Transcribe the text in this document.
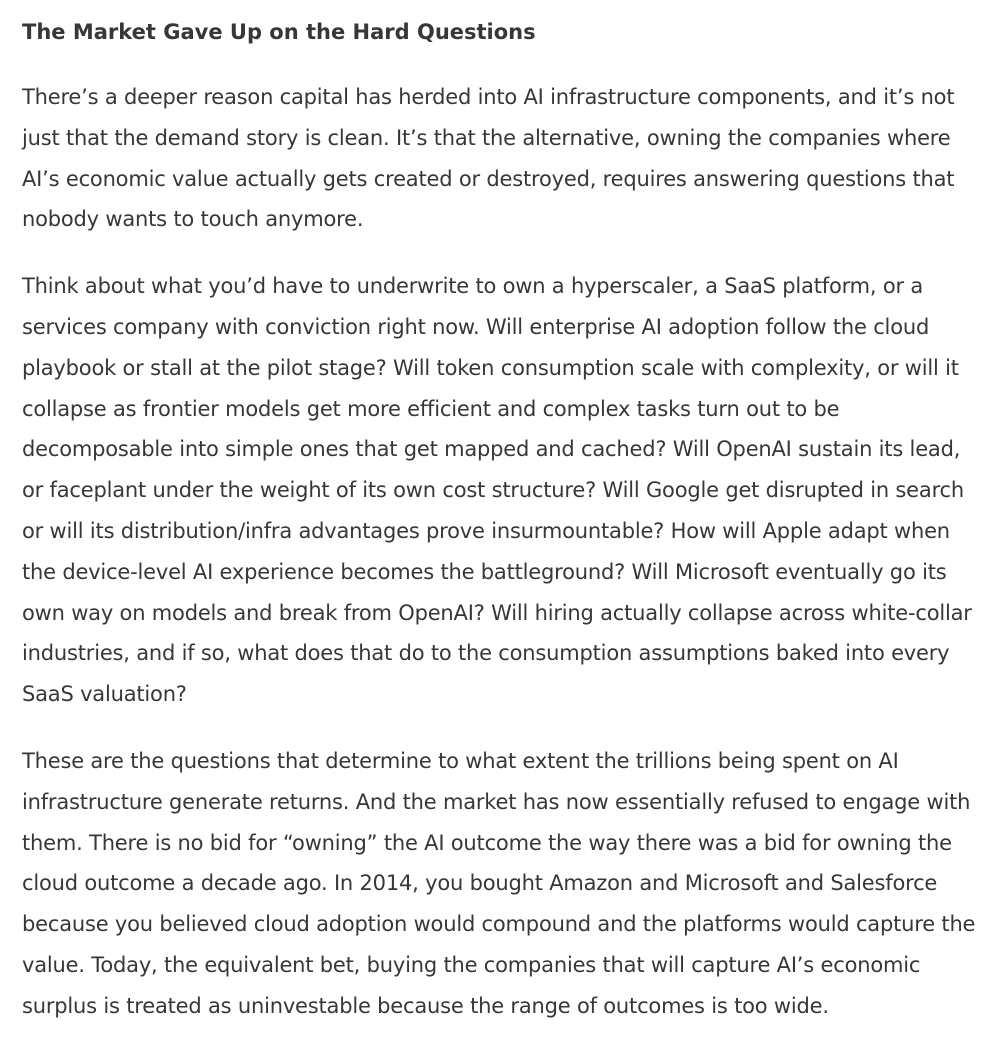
The Market Gave Up on the Hard Questions

There’s a deeper reason capital has herded into AI infrastructure components, and it’s not just that the demand story is clean. It’s that the alternative, owning the companies where AI’s economic value actually gets created or destroyed, requires answering questions that nobody wants to touch anymore.

Think about what you’d have to underwrite to own a hyperscaler, a SaaS platform, or a services company with conviction right now. Will enterprise AI adoption follow the cloud playbook or stall at the pilot stage? Will token consumption scale with complexity, or will it collapse as frontier models get more efficient and complex tasks turn out to be decomposable into simple ones that get mapped and cached? Will OpenAI sustain its lead, or faceplant under the weight of its own cost structure? Will Google get disrupted in search or will its distribution/infra advantages prove insurmountable? How will Apple adapt when the device-level AI experience becomes the battleground? Will Microsoft eventually go its own way on models and break from OpenAI? Will hiring actually collapse across white-collar industries, and if so, what does that do to the consumption assumptions baked into every SaaS valuation?

These are the questions that determine to what extent the trillions being spent on AI infrastructure generate returns. And the market has now essentially refused to engage with them. There is no bid for “owning” the AI outcome the way there was a bid for owning the cloud outcome a decade ago. In 2014, you bought Amazon and Microsoft and Salesforce because you believed cloud adoption would compound and the platforms would capture the value. Today, the equivalent bet, buying the companies that will capture AI’s economic surplus is treated as uninvestable because the range of outcomes is too wide.
